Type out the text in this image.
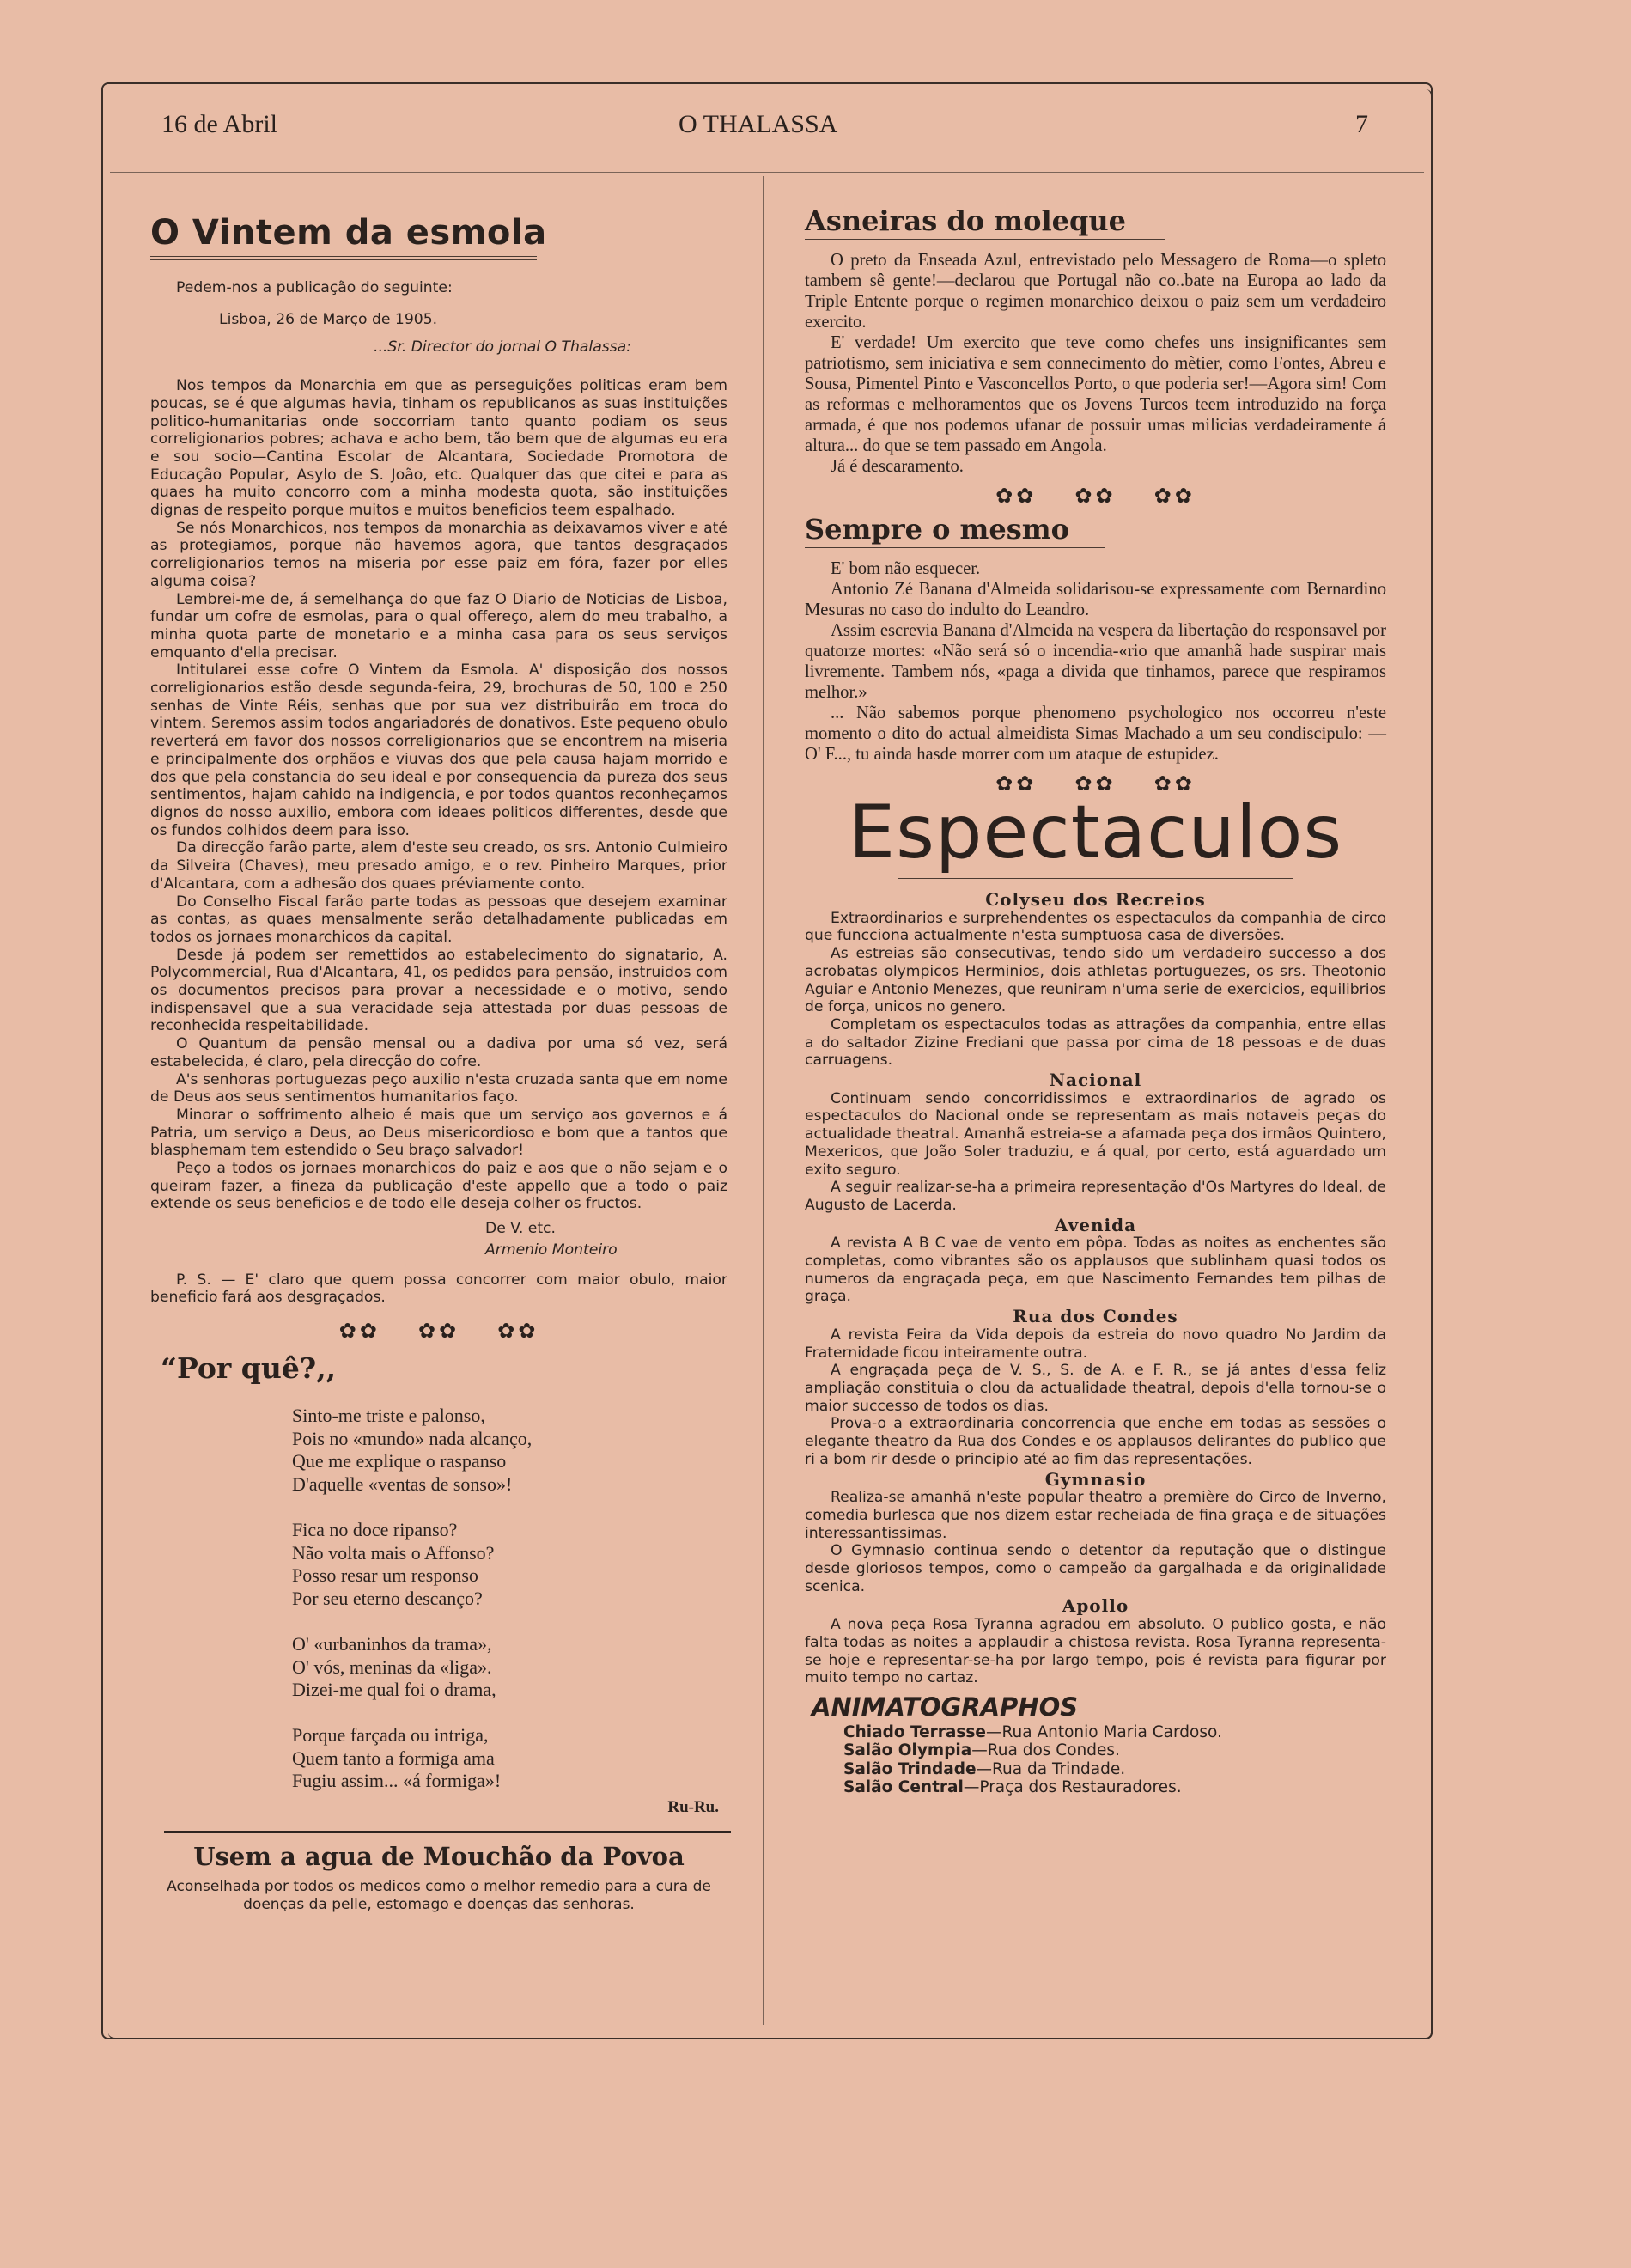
16 de Abril	O THALASSA	7
O Vintem da esmola

Pedem-nos a publicação do seguinte:

Lisboa, 26 de Março de 1905.

...Sr. Director do jornal O Thalassa:

Nos tempos da Monarchia em que as perseguições politicas eram bem poucas, se é que algumas havia, tinham os republicanos as suas instituições politico-humanitarias onde soccorriam tanto quanto podiam os seus correligionarios pobres; achava e acho bem, tão bem que de algumas eu era e sou socio—Cantina Escolar de Alcantara, Sociedade Promotora de Educação Popular, Asylo de S. João, etc. Qualquer das que citei e para as quaes ha muito concorro com a minha modesta quota, são instituições dignas de respeito porque muitos e muitos beneficios teem espalhado.

Se nós Monarchicos, nos tempos da monarchia as deixavamos viver e até as protegiamos, porque não havemos agora, que tantos desgraçados correligionarios temos na miseria por esse paiz em fóra, fazer por elles alguma coisa?

Lembrei-me de, á semelhança do que faz O Diario de Noticias de Lisboa, fundar um cofre de esmolas, para o qual offereço, alem do meu trabalho, a minha quota parte de monetario e a minha casa para os seus serviços emquanto d'ella precisar.

Intitularei esse cofre O Vintem da Esmola. A' disposição dos nossos correligionarios estão desde segunda-feira, 29, brochuras de 50, 100 e 250 senhas de Vinte Réis, senhas que por sua vez distribuirão em troca do vintem. Seremos assim todos angariadorés de donativos. Este pequeno obulo reverterá em favor dos nossos correligionarios que se encontrem na miseria e principalmente dos orphãos e viuvas dos que pela causa hajam morrido e dos que pela constancia do seu ideal e por consequencia da pureza dos seus sentimentos, hajam cahido na indigencia, e por todos quantos reconheçamos dignos do nosso auxilio, embora com ideaes politicos differentes, desde que os fundos colhidos deem para isso.

Da direcção farão parte, alem d'este seu creado, os srs. Antonio Culmieiro da Silveira (Chaves), meu presado amigo, e o rev. Pinheiro Marques, prior d'Alcantara, com a adhesão dos quaes préviamente conto.

Do Conselho Fiscal farão parte todas as pessoas que desejem examinar as contas, as quaes mensalmente serão detalhadamente publicadas em todos os jornaes monarchicos da capital.

Desde já podem ser remettidos ao estabelecimento do signatario, A. Polycommercial, Rua d'Alcantara, 41, os pedidos para pensão, instruidos com os documentos precisos para provar a necessidade e o motivo, sendo indispensavel que a sua veracidade seja attestada por duas pessoas de reconhecida respeitabilidade.

O Quantum da pensão mensal ou a dadiva por uma só vez, será estabelecida, é claro, pela direcção do cofre.

A's senhoras portuguezas peço auxilio n'esta cruzada santa que em nome de Deus aos seus sentimentos humanitarios faço.

Minorar o soffrimento alheio é mais que um serviço aos governos e á Patria, um serviço a Deus, ao Deus misericordioso e bom que a tantos que blasphemam tem estendido o Seu braço salvador!

Peço a todos os jornaes monarchicos do paiz e aos que o não sejam e o queiram fazer, a fineza da publicação d'este appello que a todo o paiz extende os seus beneficios e de todo elle deseja colher os fructos.

De V. etc.

Armenio Monteiro

P. S. — E' claro que quem possa concorrer com maior obulo, maior beneficio fará aos desgraçados.

✿✿ ✿✿ ✿✿
“Por quê?,,
Sinto-me triste e palonso,
Pois no «mundo» nada alcanço,
Que me explique o raspanso
D'aquelle «ventas de sonso»!
Fica no doce ripanso?
Não volta mais o Affonso?
Posso resar um responso
Por seu eterno descanço?
O' «urbaninhos da trama»,
O' vós, meninas da «liga».
Dizei-me qual foi o drama,
Porque farçada ou intriga,
Quem tanto a formiga ama
Fugiu assim... «á formiga»!
Ru-Ru.
Usem a agua de Mouchão da Povoa
Aconselhada por todos os medicos como o melhor remedio para a cura de doenças da pelle, estomago e doenças das senhoras.
Asneiras do moleque

O preto da Enseada Azul, entrevistado pelo Messagero de Roma—o spleto tambem sê gente!—declarou que Portugal não co..bate na Europa ao lado da Triple Entente porque o regimen monarchico deixou o paiz sem um verdadeiro exercito.

E' verdade! Um exercito que teve como chefes uns insignificantes sem patriotismo, sem iniciativa e sem connecimento do mètier, como Fontes, Abreu e Sousa, Pimentel Pinto e Vasconcellos Porto, o que poderia ser!—Agora sim! Com as reformas e melhoramentos que os Jovens Turcos teem introduzido na força armada, é que nos podemos ufanar de possuir umas milicias verdadeiramente á altura... do que se tem passado em Angola.

Já é descaramento.

✿✿ ✿✿ ✿✿
Sempre o mesmo

E' bom não esquecer.

Antonio Zé Banana d'Almeida solidarisou-se expressamente com Bernardino Mesuras no caso do indulto do Leandro.

Assim escrevia Banana d'Almeida na vespera da libertação do responsavel por quatorze mortes: «Não será só o incendia-«rio que amanhã hade suspirar mais livremente. Tambem nós, «paga a divida que tinhamos, parece que respiramos melhor.»

... Não sabemos porque phenomeno psychologico nos occorreu n'este momento o dito do actual almeidista Simas Machado a um seu condiscipulo: — O' F..., tu ainda hasde morrer com um ataque de estupidez.

✿✿ ✿✿ ✿✿
Espectaculos
Colyseu dos Recreios

Extraordinarios e surprehendentes os espectaculos da companhia de circo que funcciona actualmente n'esta sumptuosa casa de diversões.

As estreias são consecutivas, tendo sido um verdadeiro successo a dos acrobatas olympicos Herminios, dois athletas portuguezes, os srs. Theotonio Aguiar e Antonio Menezes, que reuniram n'uma serie de exercicios, equilibrios de força, unicos no genero.

Completam os espectaculos todas as attrações da companhia, entre ellas a do saltador Zizine Frediani que passa por cima de 18 pessoas e de duas carruagens.

Nacional

Continuam sendo concorridissimos e extraordinarios de agrado os espectaculos do Nacional onde se representam as mais notaveis peças do actualidade theatral. Amanhã estreia-se a afamada peça dos irmãos Quintero, Mexericos, que João Soler traduziu, e á qual, por certo, está aguardado um exito seguro.

A seguir realizar-se-ha a primeira representação d'Os Martyres do Ideal, de Augusto de Lacerda.

Avenida

A revista A B C vae de vento em pôpa. Todas as noites as enchentes são completas, como vibrantes são os applausos que sublinham quasi todos os numeros da engraçada peça, em que Nascimento Fernandes tem pilhas de graça.

Rua dos Condes

A revista Feira da Vida depois da estreia do novo quadro No Jardim da Fraternidade ficou inteiramente outra.

A engraçada peça de V. S., S. de A. e F. R., se já antes d'essa feliz ampliação constituia o clou da actualidade theatral, depois d'ella tornou-se o maior successo de todos os dias.

Prova-o a extraordinaria concorrencia que enche em todas as sessões o elegante theatro da Rua dos Condes e os applausos delirantes do publico que ri a bom rir desde o principio até ao fim das representações.

Gymnasio

Realiza-se amanhã n'este popular theatro a première do Circo de Inverno, comedia burlesca que nos dizem estar recheiada de fina graça e de situações interessantissimas.

O Gymnasio continua sendo o detentor da reputação que o distingue desde gloriosos tempos, como o campeão da gargalhada e da originalidade scenica.

Apollo

A nova peça Rosa Tyranna agradou em absoluto. O publico gosta, e não falta todas as noites a applaudir a chistosa revista. Rosa Tyranna representa-se hoje e representar-se-ha por largo tempo, pois é revista para figurar por muito tempo no cartaz.

ANIMATOGRAPHOS
Chiado Terrasse—Rua Antonio Maria Cardoso.
Salão Olympia—Rua dos Condes.
Salão Trindade—Rua da Trindade.
Salão Central—Praça dos Restauradores.
